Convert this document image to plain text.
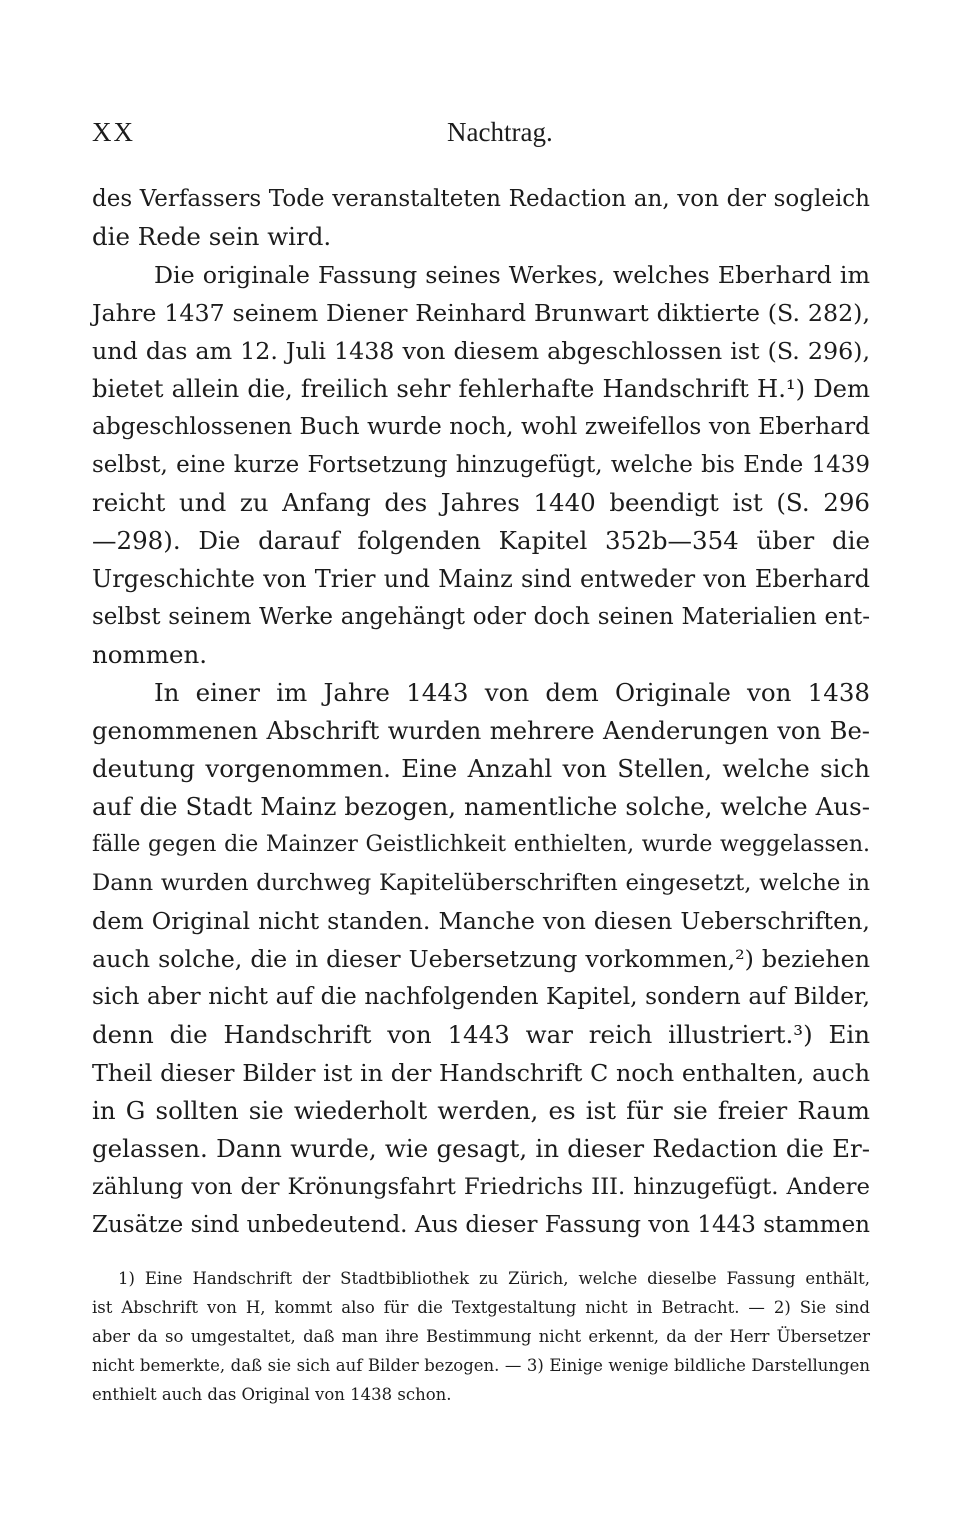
XX	Nachtrag.
des Verfassers Tode veranstalteten Redaction an, von der sogleich
die Rede sein wird.
Die originale Fassung seines Werkes, welches Eberhard im
Jahre 1437 seinem Diener Reinhard Brunwart diktierte (S. 282),
und das am 12. Juli 1438 von diesem abgeschlossen ist (S. 296),
bietet allein die, freilich sehr fehlerhafte Handschrift H.¹) Dem
abgeschlossenen Buch wurde noch, wohl zweifellos von Eberhard
selbst, eine kurze Fortsetzung hinzugefügt, welche bis Ende 1439
reicht und zu Anfang des Jahres 1440 beendigt ist (S. 296
—298). Die darauf folgenden Kapitel 352b—354 über die
Urgeschichte von Trier und Mainz sind entweder von Eberhard
selbst seinem Werke angehängt oder doch seinen Materialien ent-
nommen.
In einer im Jahre 1443 von dem Originale von 1438
genommenen Abschrift wurden mehrere Aenderungen von Be-
deutung vorgenommen. Eine Anzahl von Stellen, welche sich
auf die Stadt Mainz bezogen, namentliche solche, welche Aus-
fälle gegen die Mainzer Geistlichkeit enthielten, wurde weggelassen.
Dann wurden durchweg Kapitelüberschriften eingesetzt, welche in
dem Original nicht standen. Manche von diesen Ueberschriften,
auch solche, die in dieser Uebersetzung vorkommen,²) beziehen
sich aber nicht auf die nachfolgenden Kapitel, sondern auf Bilder,
denn die Handschrift von 1443 war reich illustriert.³) Ein
Theil dieser Bilder ist in der Handschrift C noch enthalten, auch
in G sollten sie wiederholt werden, es ist für sie freier Raum
gelassen. Dann wurde, wie gesagt, in dieser Redaction die Er-
zählung von der Krönungsfahrt Friedrichs III. hinzugefügt. Andere
Zusätze sind unbedeutend. Aus dieser Fassung von 1443 stammen
1) Eine Handschrift der Stadtbibliothek zu Zürich, welche dieselbe Fassung enthält,
ist Abschrift von H, kommt also für die Textgestaltung nicht in Betracht. — 2) Sie sind
aber da so umgestaltet, daß man ihre Bestimmung nicht erkennt, da der Herr Übersetzer
nicht bemerkte, daß sie sich auf Bilder bezogen. — 3) Einige wenige bildliche Darstellungen
enthielt auch das Original von 1438 schon.
